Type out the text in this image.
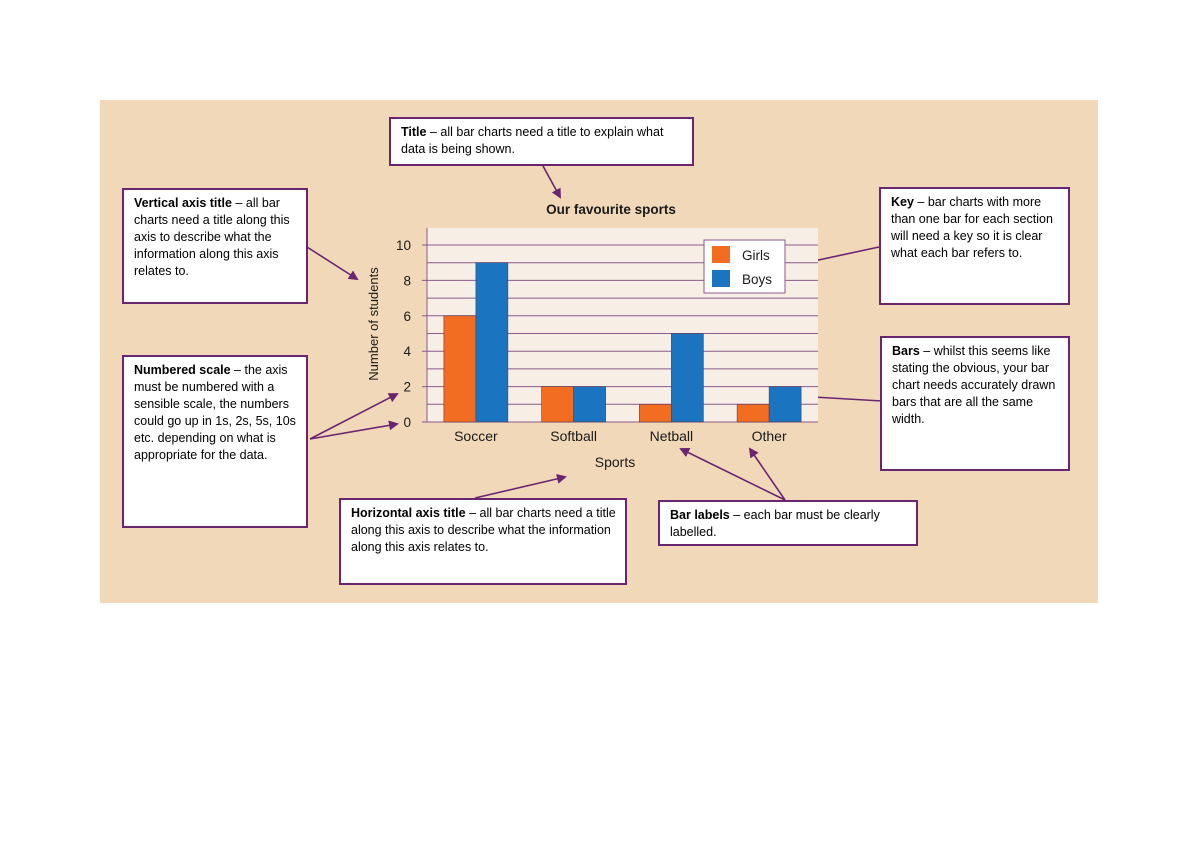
Our favourite sports
0
2
4
6
8
10
Soccer	Softball	Netball	Other
Number of students
Sports
Girls
Boys
Title – all bar charts need a title to explain what data is being shown.
Vertical axis title – all bar charts need a title along this axis to describe what the information along this axis relates to.
Numbered scale – the axis must be numbered with a sensible scale, the numbers could go up in 1s, 2s, 5s, 10s etc. depending on what is appropriate for the data.
Horizontal axis title – all bar charts need a title along this axis to describe what the information along this axis relates to.
Bar labels – each bar must be clearly labelled.
Key – bar charts with more than one bar for each section will need a key so it is clear what each bar refers to.
Bars – whilst this seems like stating the obvious, your bar chart needs accurately drawn bars that are all the same width.
